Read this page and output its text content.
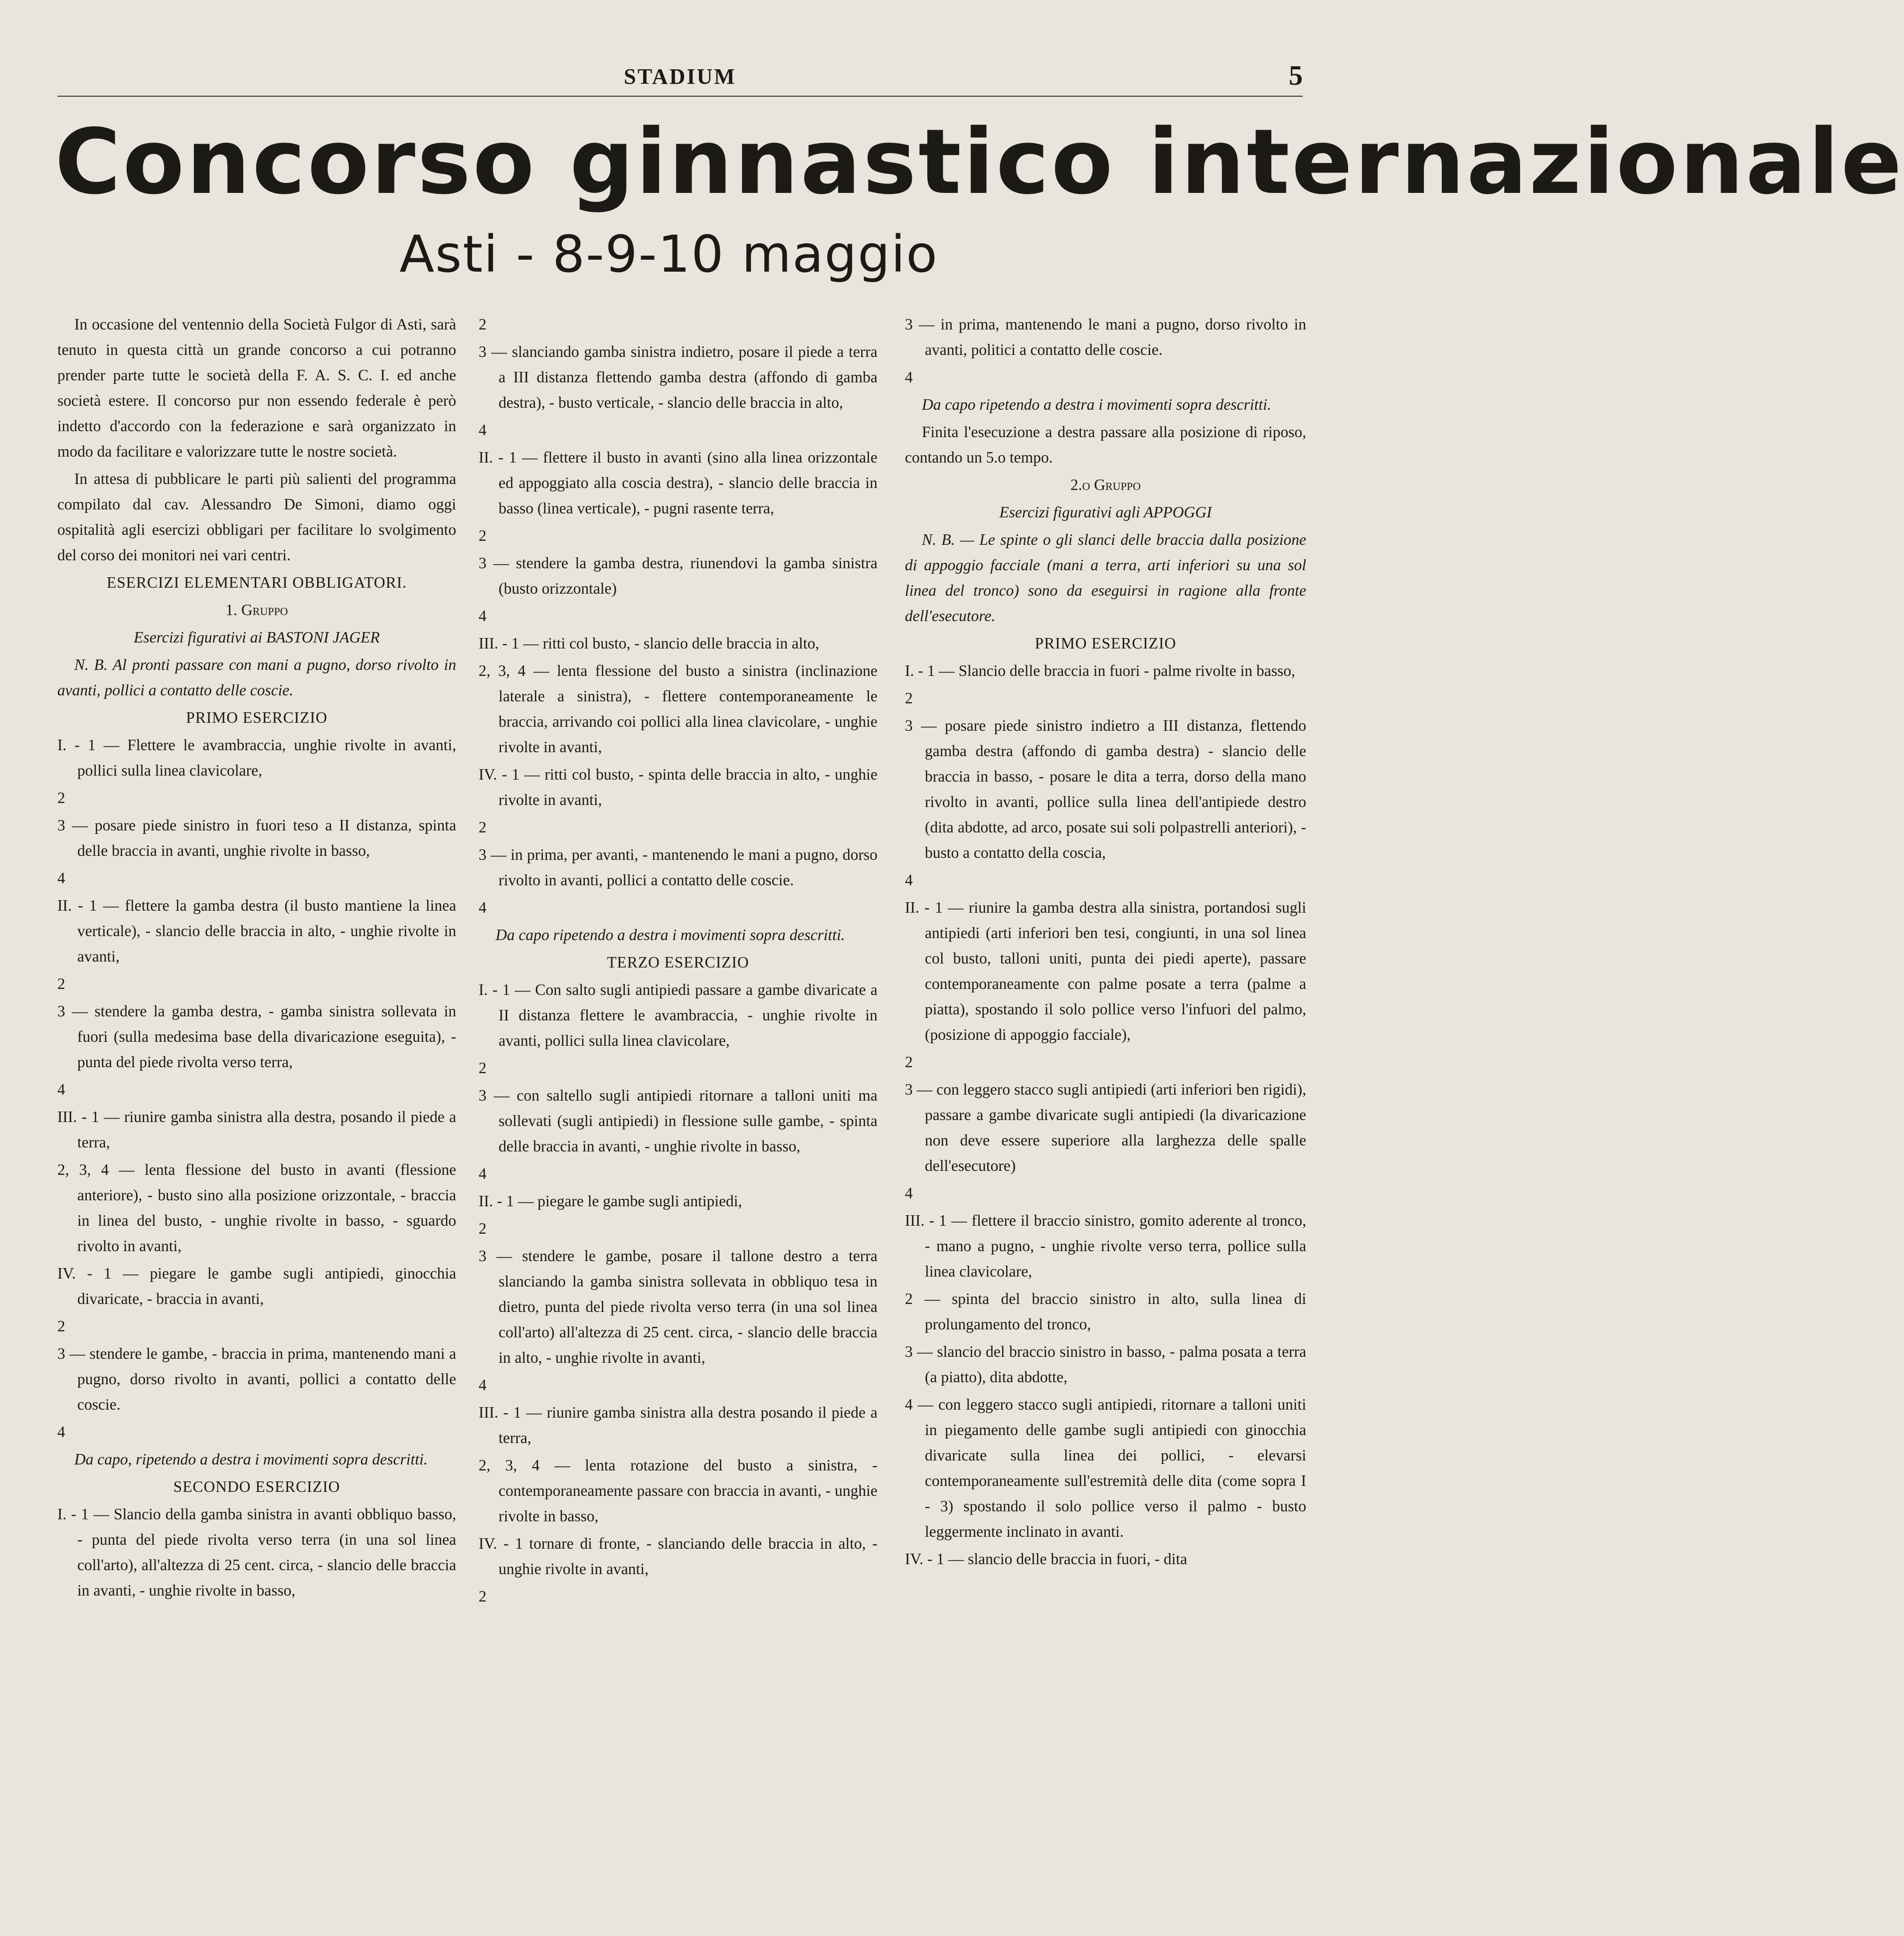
STADIUM	5
Concorso ginnastico internazionale
Asti - 8-9-10 maggio

In occasione del ventennio della Società Fulgor di Asti, sarà tenuto in questa città un grande concorso a cui potranno prender parte tutte le società della F. A. S. C. I. ed anche società estere. Il concorso pur non essendo federale è però indetto d'accordo con la federazione e sarà organizzato in modo da facilitare e valorizzare tutte le nostre società.

In attesa di pubblicare le parti più salienti del programma compilato dal cav. Alessandro De Simoni, diamo oggi ospitalità agli esercizi obbligari per facilitare lo svolgimento del corso dei monitori nei vari centri.

ESERCIZI ELEMENTARI OBBLIGATORI.

1. Gruppo

Esercizi figurativi ai BASTONI JAGER

N. B. Al pronti passare con mani a pugno, dorso rivolto in avanti, pollici a contatto delle coscie.

PRIMO ESERCIZIO

I. - 1 — Flettere le avambraccia, unghie rivolte in avanti, pollici sulla linea clavicolare,

2

3 — posare piede sinistro in fuori teso a II distanza, spinta delle braccia in avanti, unghie rivolte in basso,

4

II. - 1 — flettere la gamba destra (il busto mantiene la linea verticale), - slancio delle braccia in alto, - unghie rivolte in avanti,

2

3 — stendere la gamba destra, - gamba sinistra sollevata in fuori (sulla medesima base della divaricazione eseguita), - punta del piede rivolta verso terra,

4

III. - 1 — riunire gamba sinistra alla destra, posando il piede a terra,

2, 3, 4 — lenta flessione del busto in avanti (flessione anteriore), - busto sino alla posizione orizzontale, - braccia in linea del busto, - unghie rivolte in basso, - sguardo rivolto in avanti,

IV. - 1 — piegare le gambe sugli antipiedi, ginocchia divaricate, - braccia in avanti,

2

3 — stendere le gambe, - braccia in prima, mantenendo mani a pugno, dorso rivolto in avanti, pollici a contatto delle coscie.

4

Da capo, ripetendo a destra i movimenti sopra descritti.

SECONDO ESERCIZIO

I. - 1 — Slancio della gamba sinistra in avanti obbliquo basso, - punta del piede rivolta verso terra (in una sol linea coll'arto), all'altezza di 25 cent. circa, - slancio delle braccia in avanti, - unghie rivolte in basso,

2

3 — slanciando gamba sinistra indietro, posare il piede a terra a III distanza flettendo gamba destra (affondo di gamba destra), - busto verticale, - slancio delle braccia in alto,

4

II. - 1 — flettere il busto in avanti (sino alla linea orizzontale ed appoggiato alla coscia destra), - slancio delle braccia in basso (linea verticale), - pugni rasente terra,

2

3 — stendere la gamba destra, riunendovi la gamba sinistra (busto orizzontale)

4

III. - 1 — ritti col busto, - slancio delle braccia in alto,

2, 3, 4 — lenta flessione del busto a sinistra (inclinazione laterale a sinistra), - flettere contemporaneamente le braccia, arrivando coi pollici alla linea clavicolare, - unghie rivolte in avanti,

IV. - 1 — ritti col busto, - spinta delle braccia in alto, - unghie rivolte in avanti,

2

3 — in prima, per avanti, - mantenendo le mani a pugno, dorso rivolto in avanti, pollici a contatto delle coscie.

4

Da capo ripetendo a destra i movimenti sopra descritti.

TERZO ESERCIZIO

I. - 1 — Con salto sugli antipiedi passare a gambe divaricate a II distanza flettere le avambraccia, - unghie rivolte in avanti, pollici sulla linea clavicolare,

2

3 — con saltello sugli antipiedi ritornare a talloni uniti ma sollevati (sugli antipiedi) in flessione sulle gambe, - spinta delle braccia in avanti, - unghie rivolte in basso,

4

II. - 1 — piegare le gambe sugli antipiedi,

2

3 — stendere le gambe, posare il tallone destro a terra slanciando la gamba sinistra sollevata in obbliquo tesa in dietro, punta del piede rivolta verso terra (in una sol linea coll'arto) all'altezza di 25 cent. circa, - slancio delle braccia in alto, - unghie rivolte in avanti,

4

III. - 1 — riunire gamba sinistra alla destra posando il piede a terra,

2, 3, 4 — lenta rotazione del busto a sinistra, - contemporaneamente passare con braccia in avanti, - unghie rivolte in basso,

IV. - 1 tornare di fronte, - slanciando delle braccia in alto, - unghie rivolte in avanti,

2

3 — in prima, mantenendo le mani a pugno, dorso rivolto in avanti, politici a contatto delle coscie.

4

Da capo ripetendo a destra i movimenti sopra descritti.

Finita l'esecuzione a destra passare alla posizione di riposo, contando un 5.o tempo.

2.o Gruppo

Esercizi figurativi agli APPOGGI

N. B. — Le spinte o gli slanci delle braccia dalla posizione di appoggio facciale (mani a terra, arti inferiori su una sol linea del tronco) sono da eseguirsi in ragione alla fronte dell'esecutore.

PRIMO ESERCIZIO

I. - 1 — Slancio delle braccia in fuori - palme rivolte in basso,

2

3 — posare piede sinistro indietro a III distanza, flettendo gamba destra (affondo di gamba destra) - slancio delle braccia in basso, - posare le dita a terra, dorso della mano rivolto in avanti, pollice sulla linea dell'antipiede destro (dita abdotte, ad arco, posate sui soli polpastrelli anteriori), - busto a contatto della coscia,

4

II. - 1 — riunire la gamba destra alla sinistra, portandosi sugli antipiedi (arti inferiori ben tesi, congiunti, in una sol linea col busto, talloni uniti, punta dei piedi aperte), passare contemporaneamente con palme posate a terra (palme a piatta), spostando il solo pollice verso l'infuori del palmo, (posizione di appoggio facciale),

2

3 — con leggero stacco sugli antipiedi (arti inferiori ben rigidi), passare a gambe divaricate sugli antipiedi (la divaricazione non deve essere superiore alla larghezza delle spalle dell'esecutore)

4

III. - 1 — flettere il braccio sinistro, gomito aderente al tronco, - mano a pugno, - unghie rivolte verso terra, pollice sulla linea clavicolare,

2 — spinta del braccio sinistro in alto, sulla linea di prolungamento del tronco,

3 — slancio del braccio sinistro in basso, - palma posata a terra (a piatto), dita abdotte,

4 — con leggero stacco sugli antipiedi, ritornare a talloni uniti in piegamento delle gambe sugli antipiedi con ginocchia divaricate sulla linea dei pollici, - elevarsi contemporaneamente sull'estremità delle dita (come sopra I - 3) spostando il solo pollice verso il palmo - busto leggermente inclinato in avanti.

IV. - 1 — slancio delle braccia in fuori, - dita
